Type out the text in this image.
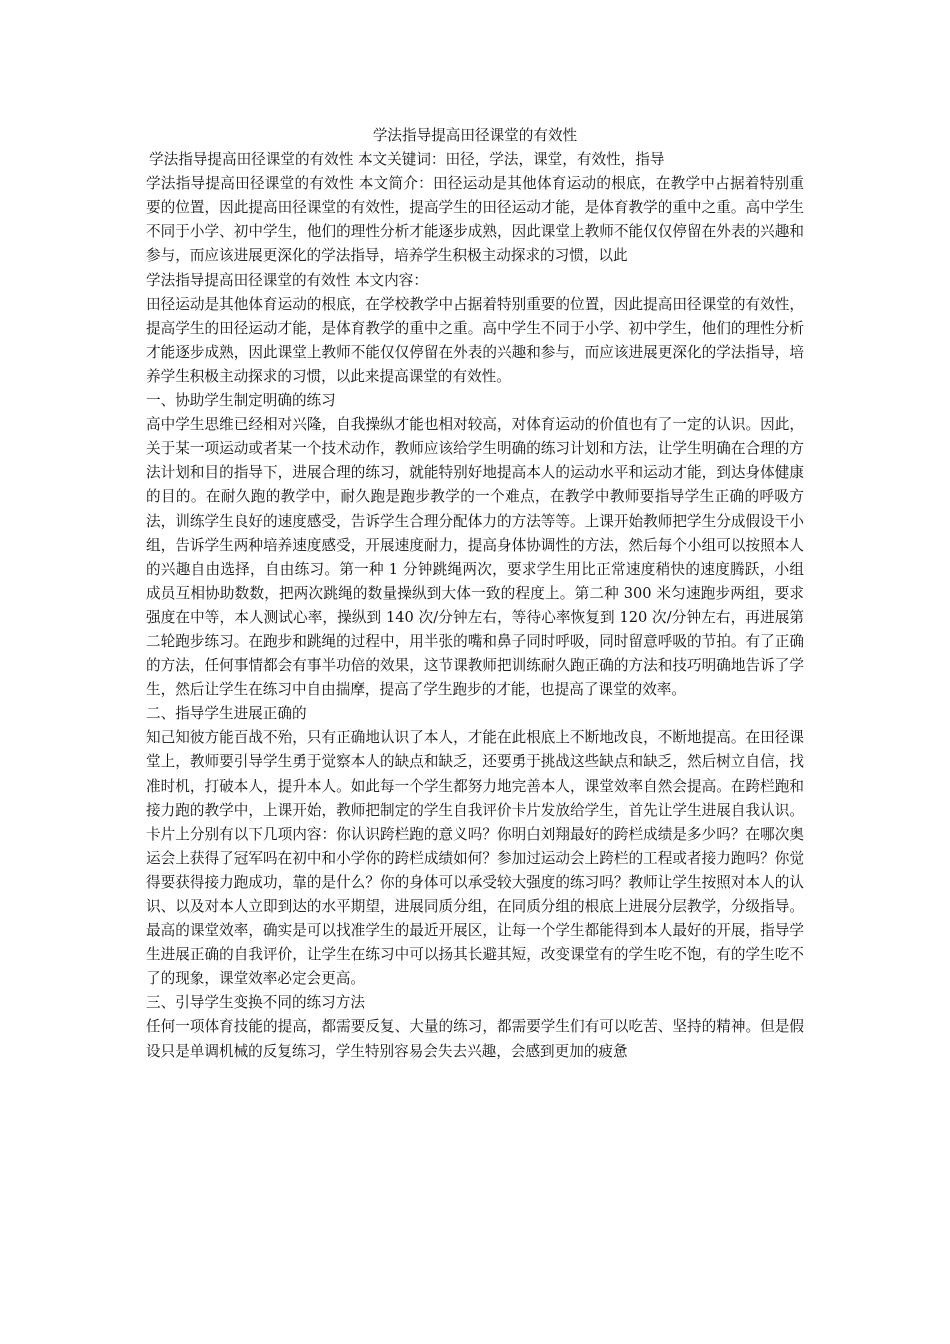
学法指导提高田径课堂的有效性

学法指导提高田径课堂的有效性 本文关键词：田径，学法，课堂，有效性，指导

学法指导提高田径课堂的有效性 本文简介：田径运动是其他体育运动的根底，在教学中占据着特别重要的位置，因此提高田径课堂的有效性，提高学生的田径运动才能，是体育教学的重中之重。高中学生不同于小学、初中学生，他们的理性分析才能逐步成熟，因此课堂上教师不能仅仅停留在外表的兴趣和参与，而应该进展更深化的学法指导，培养学生积极主动探求的习惯，以此

学法指导提高田径课堂的有效性 本文内容：

田径运动是其他体育运动的根底，在学校教学中占据着特别重要的位置，因此提高田径课堂的有效性，提高学生的田径运动才能，是体育教学的重中之重。高中学生不同于小学、初中学生，他们的理性分析才能逐步成熟，因此课堂上教师不能仅仅停留在外表的兴趣和参与，而应该进展更深化的学法指导，培养学生积极主动探求的习惯，以此来提高课堂的有效性。

一、协助学生制定明确的练习

高中学生思维已经相对兴隆，自我操纵才能也相对较高，对体育运动的价值也有了一定的认识。因此，关于某一项运动或者某一个技术动作，教师应该给学生明确的练习计划和方法，让学生明确在合理的方法计划和目的指导下，进展合理的练习，就能特别好地提高本人的运动水平和运动才能，到达身体健康的目的。在耐久跑的教学中，耐久跑是跑步教学的一个难点，在教学中教师要指导学生正确的呼吸方法，训练学生良好的速度感受，告诉学生合理分配体力的方法等等。上课开始教师把学生分成假设干小组，告诉学生两种培养速度感受，开展速度耐力，提高身体协调性的方法，然后每个小组可以按照本人的兴趣自由选择，自由练习。第一种 1 分钟跳绳两次，要求学生用比正常速度稍快的速度腾跃，小组成员互相协助数数，把两次跳绳的数量操纵到大体一致的程度上。第二种 300 米匀速跑步两组，要求强度在中等，本人测试心率，操纵到 140 次/分钟左右，等待心率恢复到 120 次/分钟左右，再进展第二轮跑步练习。在跑步和跳绳的过程中，用半张的嘴和鼻子同时呼吸，同时留意呼吸的节拍。有了正确的方法，任何事情都会有事半功倍的效果，这节课教师把训练耐久跑正确的方法和技巧明确地告诉了学生，然后让学生在练习中自由揣摩，提高了学生跑步的才能，也提高了课堂的效率。

二、指导学生进展正确的

知己知彼方能百战不殆，只有正确地认识了本人，才能在此根底上不断地改良，不断地提高。在田径课堂上，教师要引导学生勇于觉察本人的缺点和缺乏，还要勇于挑战这些缺点和缺乏，然后树立自信，找准时机，打破本人，提升本人。如此每一个学生都努力地完善本人，课堂效率自然会提高。在跨栏跑和接力跑的教学中，上课开始，教师把制定的学生自我评价卡片发放给学生，首先让学生进展自我认识。卡片上分别有以下几项内容：你认识跨栏跑的意义吗？你明白刘翔最好的跨栏成绩是多少吗？在哪次奥运会上获得了冠军吗在初中和小学你的跨栏成绩如何？参加过运动会上跨栏的工程或者接力跑吗？你觉得要获得接力跑成功，靠的是什么？你的身体可以承受较大强度的练习吗？教师让学生按照对本人的认识、以及对本人立即到达的水平期望，进展同质分组，在同质分组的根底上进展分层教学，分级指导。最高的课堂效率，确实是可以找准学生的最近开展区，让每一个学生都能得到本人最好的开展，指导学生进展正确的自我评价，让学生在练习中可以扬其长避其短，改变课堂有的学生吃不饱，有的学生吃不了的现象，课堂效率必定会更高。

三、引导学生变换不同的练习方法

任何一项体育技能的提高，都需要反复、大量的练习，都需要学生们有可以吃苦、坚持的精神。但是假设只是单调机械的反复练习，学生特别容易会失去兴趣，会感到更加的疲惫
